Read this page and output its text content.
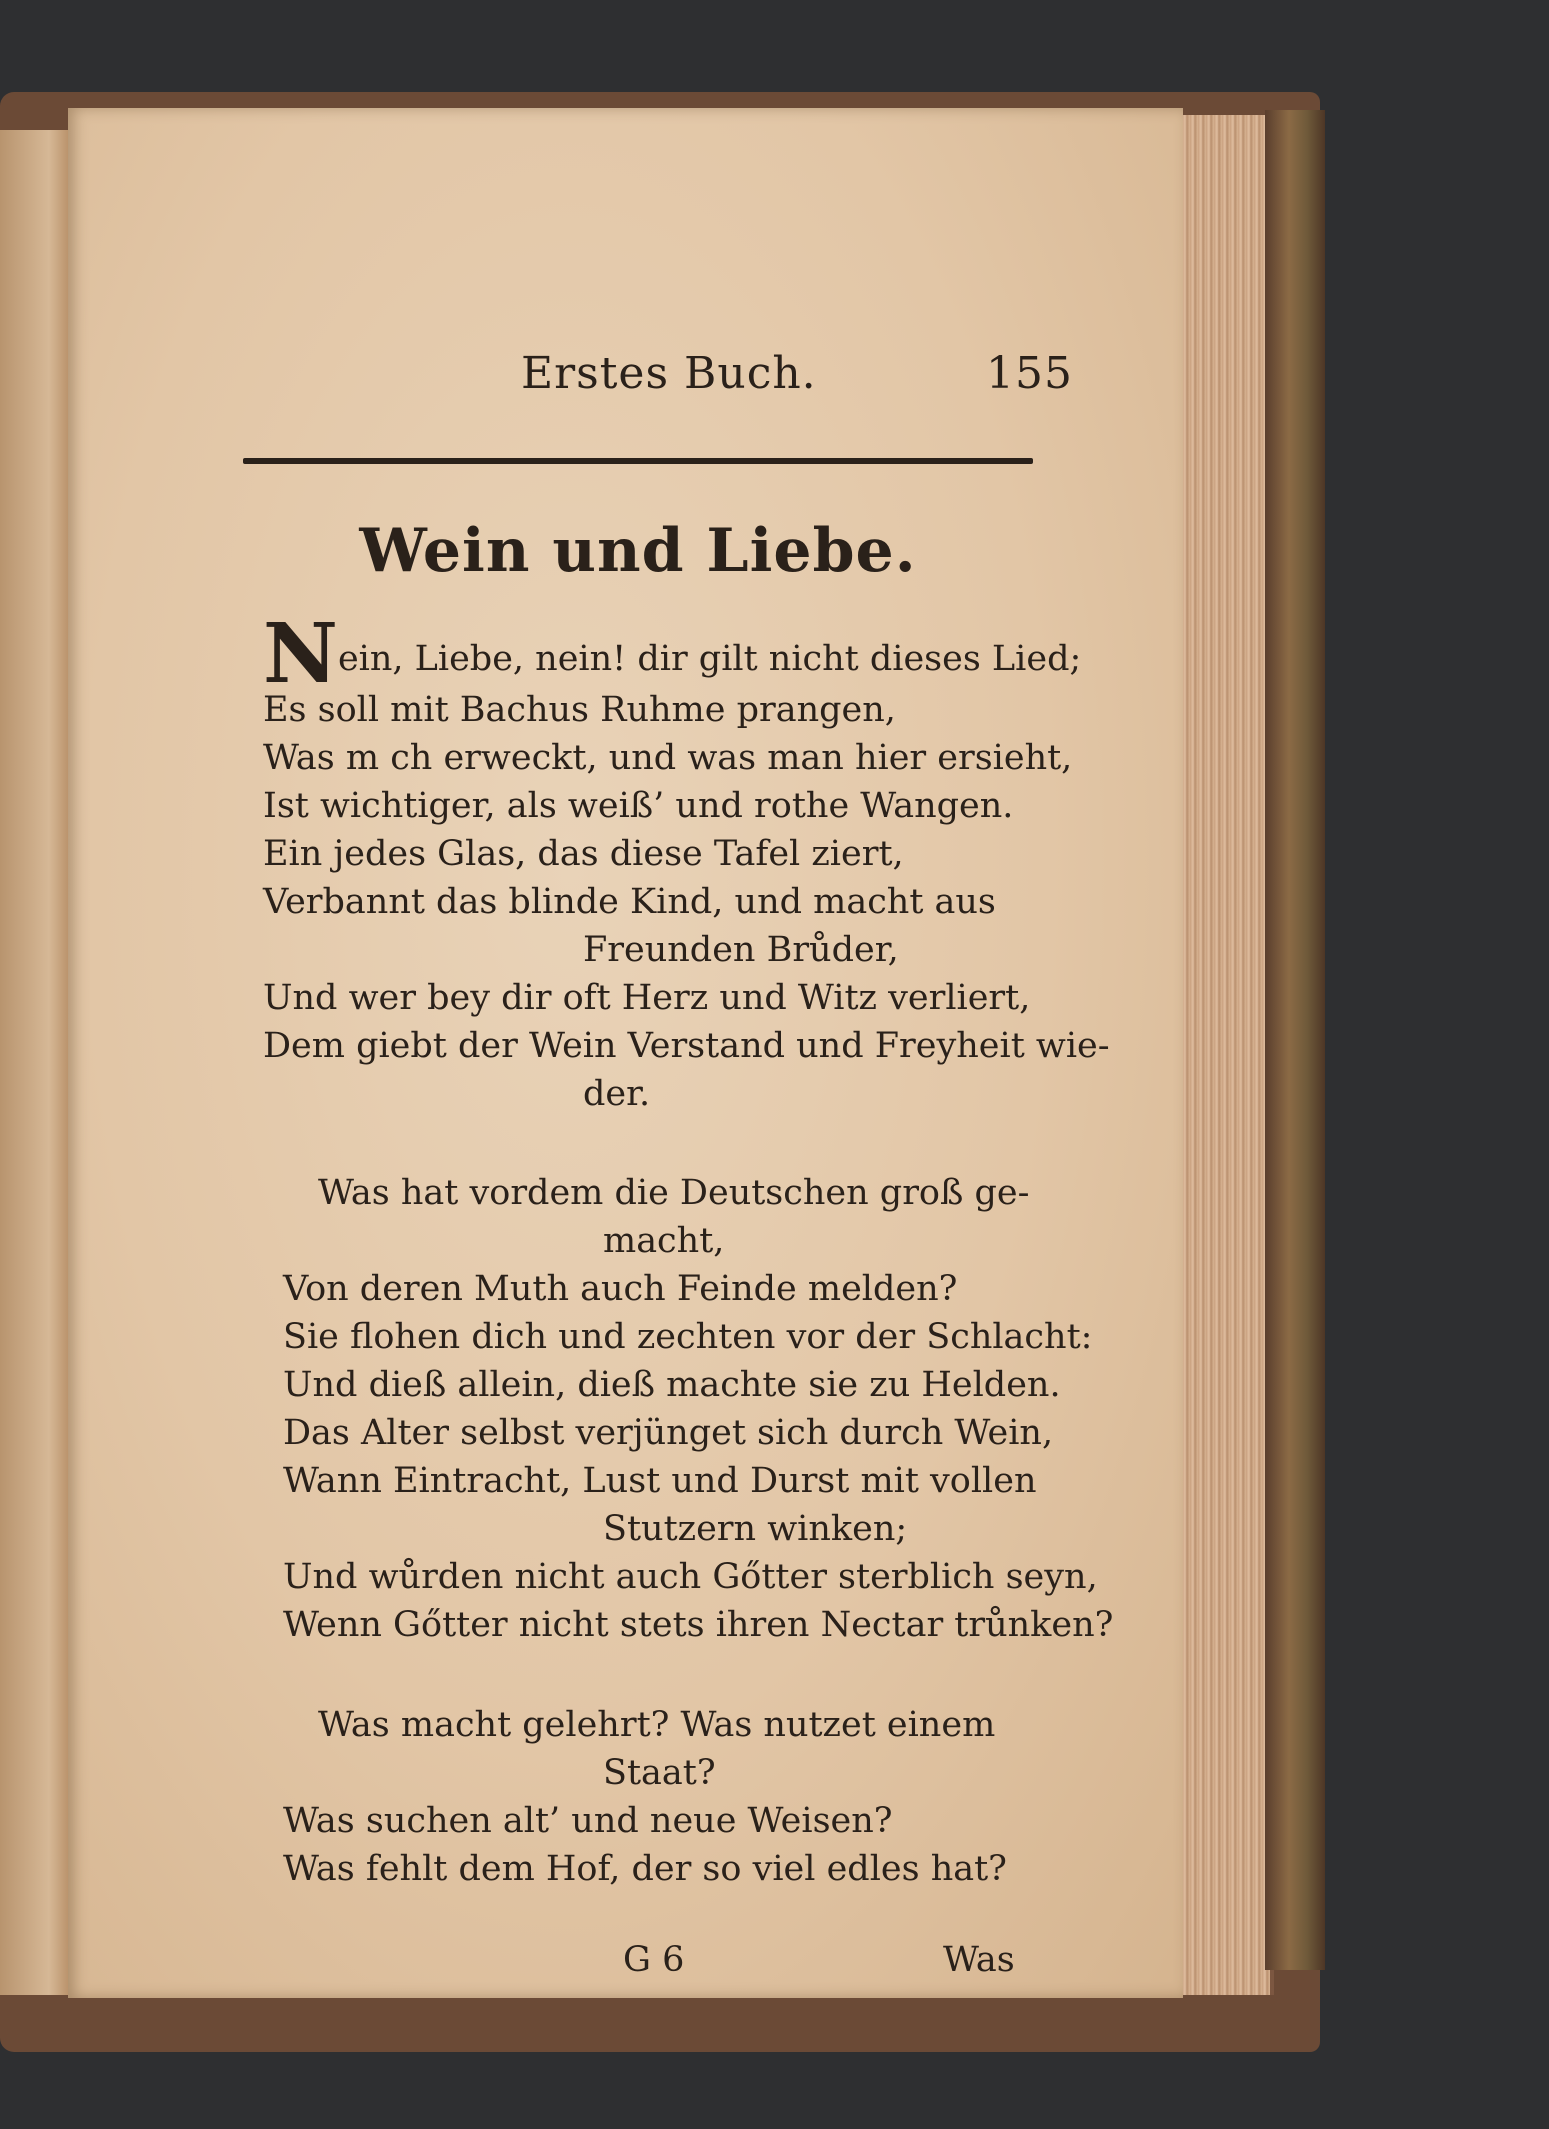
Erstes Buch.	155
Wein und Liebe.
Nein, Liebe, nein! dir gilt nicht dieses Lied;
Es soll mit Bachus Ruhme prangen,
Was m ch erweckt, und was man hier ersieht,
Ist wichtiger, als weiß’ und rothe Wangen.
Ein jedes Glas, das diese Tafel ziert,
Verbannt das blinde Kind, und macht aus
Freunden Brůder,
Und wer bey dir oft Herz und Witz verliert,
Dem giebt der Wein Verstand und Freyheit wie-
der.
Was hat vordem die Deutschen groß ge-
macht,
Von deren Muth auch Feinde melden?
Sie flohen dich und zechten vor der Schlacht:
Und dieß allein, dieß machte sie zu Helden.
Das Alter selbst verjünget sich durch Wein,
Wann Eintracht, Lust und Durst mit vollen
Stutzern winken;
Und wůrden nicht auch Gőtter sterblich seyn,
Wenn Gőtter nicht stets ihren Nectar trůnken?
Was macht gelehrt? Was nutzet einem
Staat?
Was suchen alt’ und neue Weisen?
Was fehlt dem Hof, der so viel edles hat?
G 6	Was
